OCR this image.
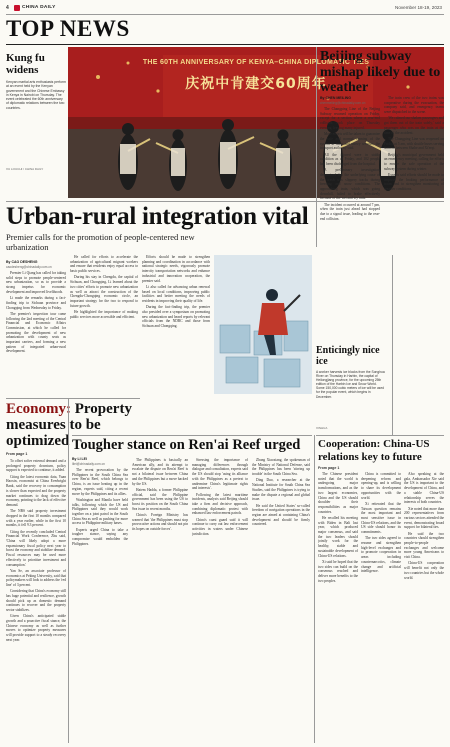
4	CHINA DAILY	November 18-19, 2023
TOP NEWS
Kung fu
widens
Kenyan martial arts enthusiasts perform at an event held by the Kenyan government and the Chinese Embassy in Kenya in Nairobi on Thursday. The event celebrated the 60th anniversary of diplomatic relations between the two countries.
XU LOUCHI / CHINA DAILY
THE 60TH ANNIVERSARY OF KENYA–CHINA DIPLOMATIC TIES
庆祝中肯建交60周年
Urban-rural integration vital
Premier calls for the promotion of people-centered new urbanization
By CAO DESHENG
caodesheng@chinadaily.com.cn

Premier Li Qiang has called for taking solid steps to promote people-centered new urbanization, so as to provide a strong impetus for economic development and improved livelihoods.

Li made the remarks during a fact-finding trip to Sichuan province and Chongqing from Wednesday to Friday.

The premier's inspection tour came following the 2nd meeting of the Central Financial and Economic Affairs Commission, at which he called for promoting the development of new urbanization with county seats as important carriers, and forming a new pattern of integrated urban-rural development.

He called for efforts to accelerate the urbanization of agricultural migrant workers and ensure that residents enjoy equal access to basic public services.

During his stay in Chengdu, the capital of Sichuan, and Chongqing, Li learned about the two cities' efforts to promote new urbanization as well as attract the construction of the Chengdu-Chongqing economic circle, an important strategy for the two to respond to future growth.

He highlighted the importance of making public services more accessible and efficient.

Efforts should be made to strengthen planning and coordination in accordance with national strategic needs, vigorously promote intercity transportation networks and enhance industrial and innovation cooperation, the premier said.

Li also called for advancing urban renewal based on local conditions, improving public facilities and better meeting the needs of residents in improving their quality of life.

During the fact-finding trip, the premier also presided over a symposium on promoting new urbanization and heard reports by relevant officials from the NDRC and those from Sichuan and Chongqing.

Enticingly nice ice
A worker harvests ice blocks from the Songhua River on Thursday in Harbin, the capital of Heilongjiang province, for the upcoming 25th edition of the Harbin Ice and Snow World. Some 150,000 cubic meters of ice will be used for the popular event, which begins in December.
XINHUA
Economy: Property measures to be optimized
From page 1

To offset softer external demand and a prolonged property downturn, policy support is expected to continue, it added.

Citing the latest economic data, Yuan Haoxin, economist at China Everbright Bank, said the recovery in consumption is slower than expected and the property market continues to drag down the economy, pointing to the lack of effective demand.

The NBS said property investment dropped in the first 10 months compared with a year earlier, while in the first 10 months, it fell 9.3 percent.

Citing the recently concluded Central Financial Work Conference, Zhu said, 'China will likely adopt a more expansionary fiscal policy next year to boost the economy and stabilize demand. Fiscal resources may be used more effectively to prioritize investment and consumption.'

Yan Se, an associate professor of economics at Peking University, said that policymakers will look to address the 'red line' of 3 percent.

Considering that China's economy still has huge potential and resilience, growth should pick up as domestic demand continues to recover and the property sector stabilizes.

Given China's anticipated stable growth and a proactive fiscal stance, the Chinese economy as well as further moves to optimize property measures will provide support to a steady recovery next year.

Tougher stance on Ren'ai Reef urged
By LI LEI
lilei@chinadaily.com.cn

The recent provocation by the Philippines in the South China Sea over Ren'ai Reef, which belongs to China, is an issue heating up in the region, experts said, citing a recent move by the Philippines and its allies.

Washington and Manila have held talks, following which the US and Philippines said they would work together on a joint patrol in the South China Sea as well as pushing for more access to Philippine military bases.

Experts urged China to take a tougher stance, saying any compromise would embolden the Philippines.

The Philippines is basically an American ally, and its attempt to escalate the dispute on Ren'ai Reef is not a bilateral issue between China and the Philippines but a move backed by the US.

Hatem Hadda, a former Philippine official, said the Philippine government has been using the US to boost its position on the South China Sea issue in recent months.

China's Foreign Ministry has warned that 'the Philippines must stop provocative actions and should not pin its hopes on outside forces'.

Stressing the importance of managing differences through dialogue and consultation, experts said the US should stop 'using its alliance with the Philippines as a pretext to undermine China's legitimate rights and interests'.

Following the latest maritime incidents, analysts said Beijing should take a firm and decisive approach, combining diplomatic protest with enhanced law enforcement patrols.

China's coast guard said it will continue to carry out law enforcement activities in waters under Chinese jurisdiction.

Zhang Xiaoxiang, the spokesman of the Ministry of National Defense, said the Philippines has been 'stirring up trouble' in the South China Sea.

Ding Duo, a researcher at the National Institute for South China Sea Studies, said the Philippines is trying to make the dispute a regional and global issue.

He said the United States' so-called freedom of navigation operations in the region are aimed at containing China's development and should be firmly countered.

Beijing subway mishap likely due to weather
By CHEN MEILING
chenmeiling@chinadaily.com.cn

The Changping Line of the Beijing Subway resumed operation on Friday, except for a section where a rear-end collision took place on Thursday evening, leaving many injured.

More efforts will be taken to guarantee the safe and normal running of the system in rainy and snowy weather, the transport authority said.

All the injured were in stable condition as of Friday, and 102 people had been discharged from the hospital.

A preliminary investigation determined that the underlying cause of the crash was slippery tracks during freezing and snow conditions. The approaching train, which was going downhill, failed to brake effectively because of the wet and icy rails.

The incident occurred at around 7 pm, when the train just ahead had stopped due to a signal issue, leading to the rear-end collision.

The train crew of the two trains was cooperative during the evacuation, the company said, and emergency teams were dispatched to the scene.

'We calmed our shaken passengers and got them out of the train safely,' said a passenger who was on the train at the time of the accident.

The Changping Line was reopened on Friday at 5 am, with shuttle buses serving stations between Shahe and Xi'erqi.

Beijing's municipal government held an emergency meeting, calling for efforts to ensure the safe operation of the subway system during winter.

Experts said efforts should be made to improve the braking performance of trains and to strengthen monitoring of weather conditions.

Cooperation: China-US relations key to future
From page 1

The Chinese president noted that the world is undergoing major transformations, and as the two largest economies, China and the US should shoulder their responsibilities as major countries.

He recalled his meeting with Biden in Bali last year, which produced major consensus, and said the two leaders should jointly work for the healthy, stable and sustainable development of China-US relations.

Xi said he hoped that the two sides can build on the consensus reached and deliver more benefits to the two peoples.

China is committed to deepening reform and opening-up, and is willing to share its development opportunities with the world.

Xi reiterated that the Taiwan question remains the most important and most sensitive issue in China-US relations, and the US side should honor its commitments.

The two sides agreed to resume and strengthen high-level exchanges and to promote cooperation in areas including counternarcotics, climate change and artificial intelligence.

Also speaking at the gala, Ambassador Xie said the US is important to the development of China, and a stable China-US relationship serves the interests of both countries.

Xie noted that more than 200 representatives from various sectors attended the event, demonstrating broad support for bilateral ties.

He said the two countries should strengthen people-to-people exchanges and welcome more young Americans to visit China.

China-US cooperation will benefit not only the two countries but the whole world.
